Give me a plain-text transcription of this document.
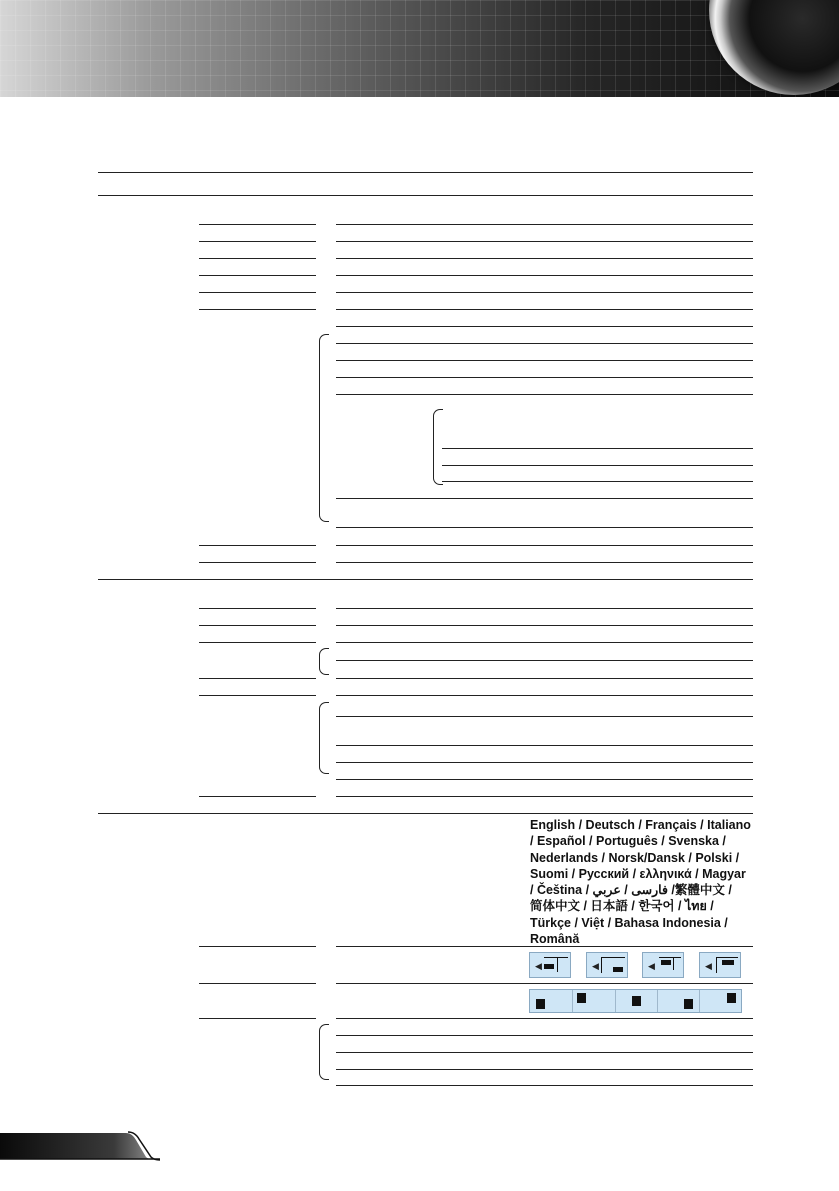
English / Deutsch / Français / Italiano
/ Español / Português / Svenska /
Nederlands / Norsk/Dansk / Polski /
Suomi / Русский / ελληνικά / Magyar
/ Čeština / فارسی / عربي /繁體中文 /
简体中文 / 日本語 / 한국어 / ไทย /
Türkçe / Việt / Bahasa Indonesia /
Română
◀	◀	◀	◀
